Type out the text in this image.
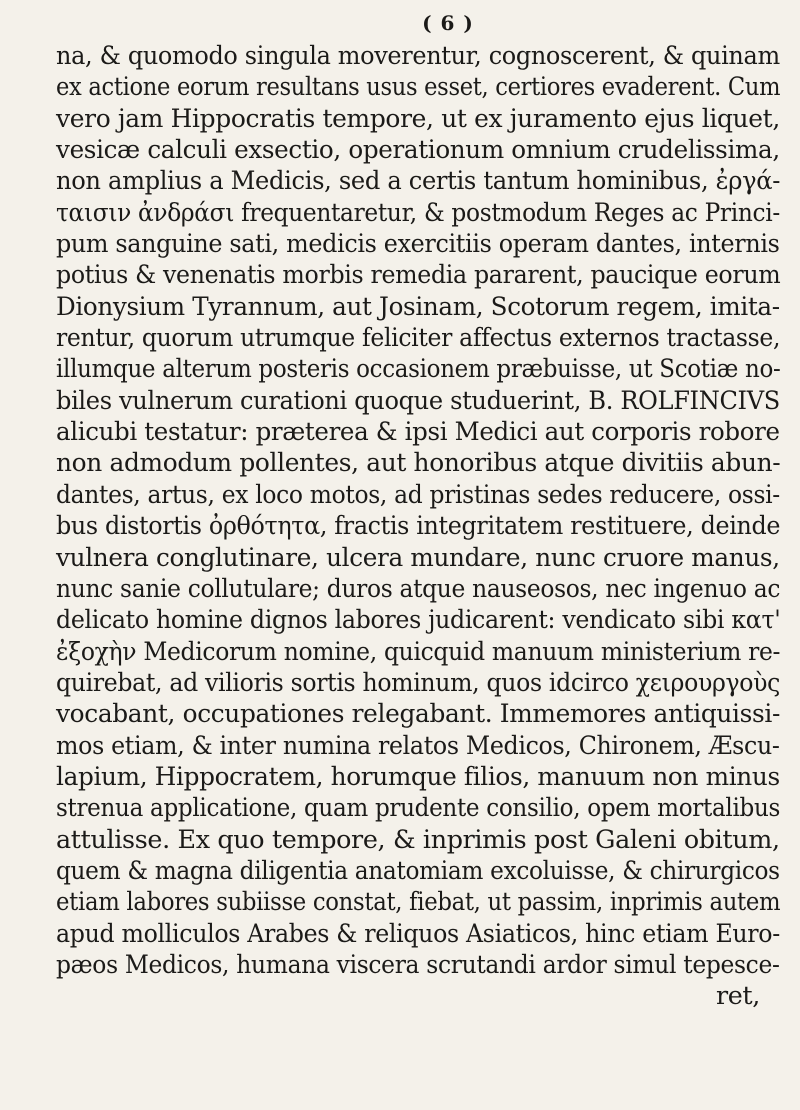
( 6 )
na, & quomodo singula moverentur, cognoscerent, & quinam
ex actione eorum resultans usus esset, certiores evaderent. Cum
vero jam Hippocratis tempore, ut ex juramento ejus liquet,
vesicæ calculi exsectio, operationum omnium crudelissima,
non amplius a Medicis, sed a certis tantum hominibus, ἐργά-
ταισιν ἀνδράσι frequentaretur, & postmodum Reges ac Princi-
pum sanguine sati, medicis exercitiis operam dantes, internis
potius & venenatis morbis remedia pararent, paucique eorum
Dionysium Tyrannum, aut Josinam, Scotorum regem, imita-
rentur, quorum utrumque feliciter affectus externos tractasse,
illumque alterum posteris occasionem præbuisse, ut Scotiæ no-
biles vulnerum curationi quoque studuerint, B. ROLFINCIVS
alicubi testatur: præterea & ipsi Medici aut corporis robore
non admodum pollentes, aut honoribus atque divitiis abun-
dantes, artus, ex loco motos, ad pristinas sedes reducere, ossi-
bus distortis ὀρθότητα, fractis integritatem restituere, deinde
vulnera conglutinare, ulcera mundare, nunc cruore manus,
nunc sanie collutulare; duros atque nauseosos, nec ingenuo ac
delicato homine dignos labores judicarent: vendicato sibi κατ'
ἐξοχὴν Medicorum nomine, quicquid manuum ministerium re-
quirebat, ad vilioris sortis hominum, quos idcirco χειρουργοὺς
vocabant, occupationes relegabant. Immemores antiquissi-
mos etiam, & inter numina relatos Medicos, Chironem, Æscu-
lapium, Hippocratem, horumque filios, manuum non minus
strenua applicatione, quam prudente consilio, opem mortalibus
attulisse. Ex quo tempore, & inprimis post Galeni obitum,
quem & magna diligentia anatomiam excoluisse, & chirurgicos
etiam labores subiisse constat, fiebat, ut passim, inprimis autem
apud molliculos Arabes & reliquos Asiaticos, hinc etiam Euro-
pæos Medicos, humana viscera scrutandi ardor simul tepesce-
ret,
